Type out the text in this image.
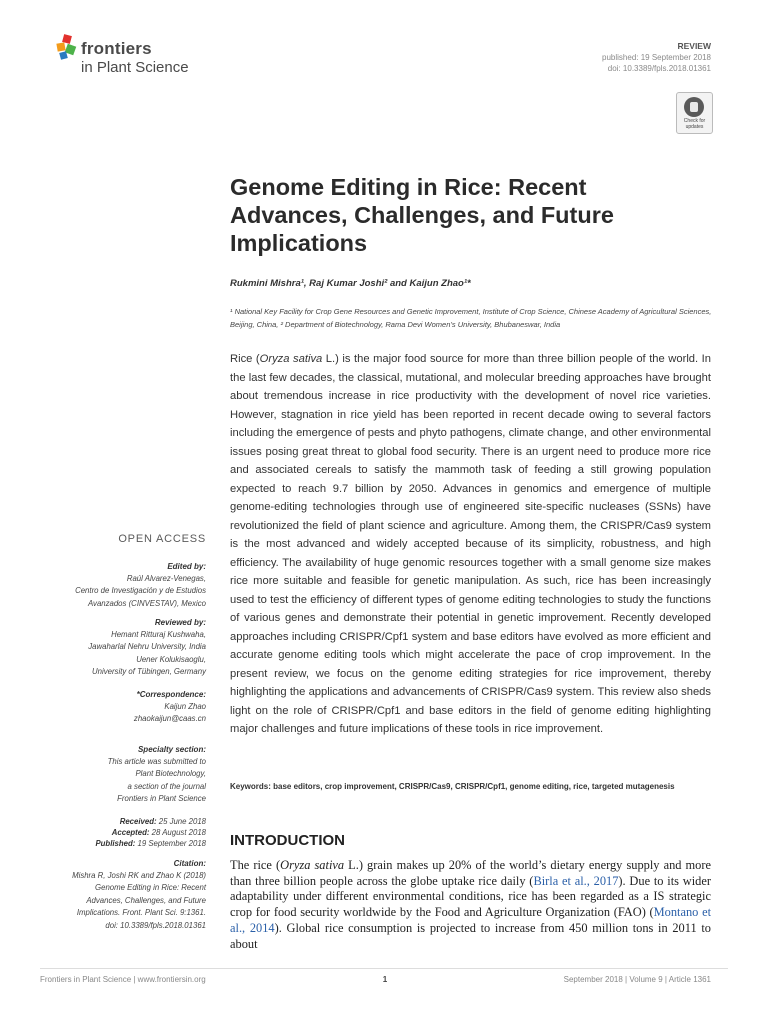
frontiers
in Plant Science
REVIEW
published: 19 September 2018
doi: 10.3389/fpls.2018.01361
Check for updates
Genome Editing in Rice: Recent Advances, Challenges, and Future Implications
Rukmini Mishra¹, Raj Kumar Joshi² and Kaijun Zhao¹*
¹ National Key Facility for Crop Gene Resources and Genetic Improvement, Institute of Crop Science, Chinese Academy of Agricultural Sciences, Beijing, China, ² Department of Biotechnology, Rama Devi Women’s University, Bhubaneswar, India
Rice (Oryza sativa L.) is the major food source for more than three billion people of the world. In the last few decades, the classical, mutational, and molecular breeding approaches have brought about tremendous increase in rice productivity with the development of novel rice varieties. However, stagnation in rice yield has been reported in recent decade owing to several factors including the emergence of pests and phyto pathogens, climate change, and other environmental issues posing great threat to global food security. There is an urgent need to produce more rice and associated cereals to satisfy the mammoth task of feeding a still growing population expected to reach 9.7 billion by 2050. Advances in genomics and emergence of multiple genome-editing technologies through use of engineered site-specific nucleases (SSNs) have revolutionized the field of plant science and agriculture. Among them, the CRISPR/Cas9 system is the most advanced and widely accepted because of its simplicity, robustness, and high efficiency. The availability of huge genomic resources together with a small genome size makes rice more suitable and feasible for genetic manipulation. As such, rice has been increasingly used to test the efficiency of different types of genome editing technologies to study the functions of various genes and demonstrate their potential in genetic improvement. Recently developed approaches including CRISPR/Cpf1 system and base editors have evolved as more efficient and accurate genome editing tools which might accelerate the pace of crop improvement. In the present review, we focus on the genome editing strategies for rice improvement, thereby highlighting the applications and advancements of CRISPR/Cas9 system. This review also sheds light on the role of CRISPR/Cpf1 and base editors in the field of genome editing highlighting major challenges and future implications of these tools in rice improvement.
Keywords: base editors, crop improvement, CRISPR/Cas9, CRISPR/Cpf1, genome editing, rice, targeted mutagenesis
INTRODUCTION
The rice (Oryza sativa L.) grain makes up 20% of the world’s dietary energy supply and more than three billion people across the globe uptake rice daily (Birla et al., 2017). Due to its wider adaptability under different environmental conditions, rice has been regarded as a IS strategic crop for food security worldwide by the Food and Agriculture Organization (FAO) (Montano et al., 2014). Global rice consumption is projected to increase from 450 million tons in 2011 to about
OPEN ACCESS
Edited by:
Raúl Alvarez-Venegas,
Centro de Investigación y de Estudios
Avanzados (CINVESTAV), Mexico
Reviewed by:
Hemant Ritturaj Kushwaha,
Jawaharlal Nehru University, India
Uener Kolukisaoglu,
University of Tübingen, Germany
*Correspondence:
Kaijun Zhao
zhaokaijun@caas.cn
Specialty section:
This article was submitted to
Plant Biotechnology,
a section of the journal
Frontiers in Plant Science
Received: 25 June 2018
Accepted: 28 August 2018
Published: 19 September 2018
Citation:
Mishra R, Joshi RK and Zhao K (2018)
Genome Editing in Rice: Recent
Advances, Challenges, and Future
Implications. Front. Plant Sci. 9:1361.
doi: 10.3389/fpls.2018.01361
Frontiers in Plant Science | www.frontiersin.org	1	September 2018 | Volume 9 | Article 1361
